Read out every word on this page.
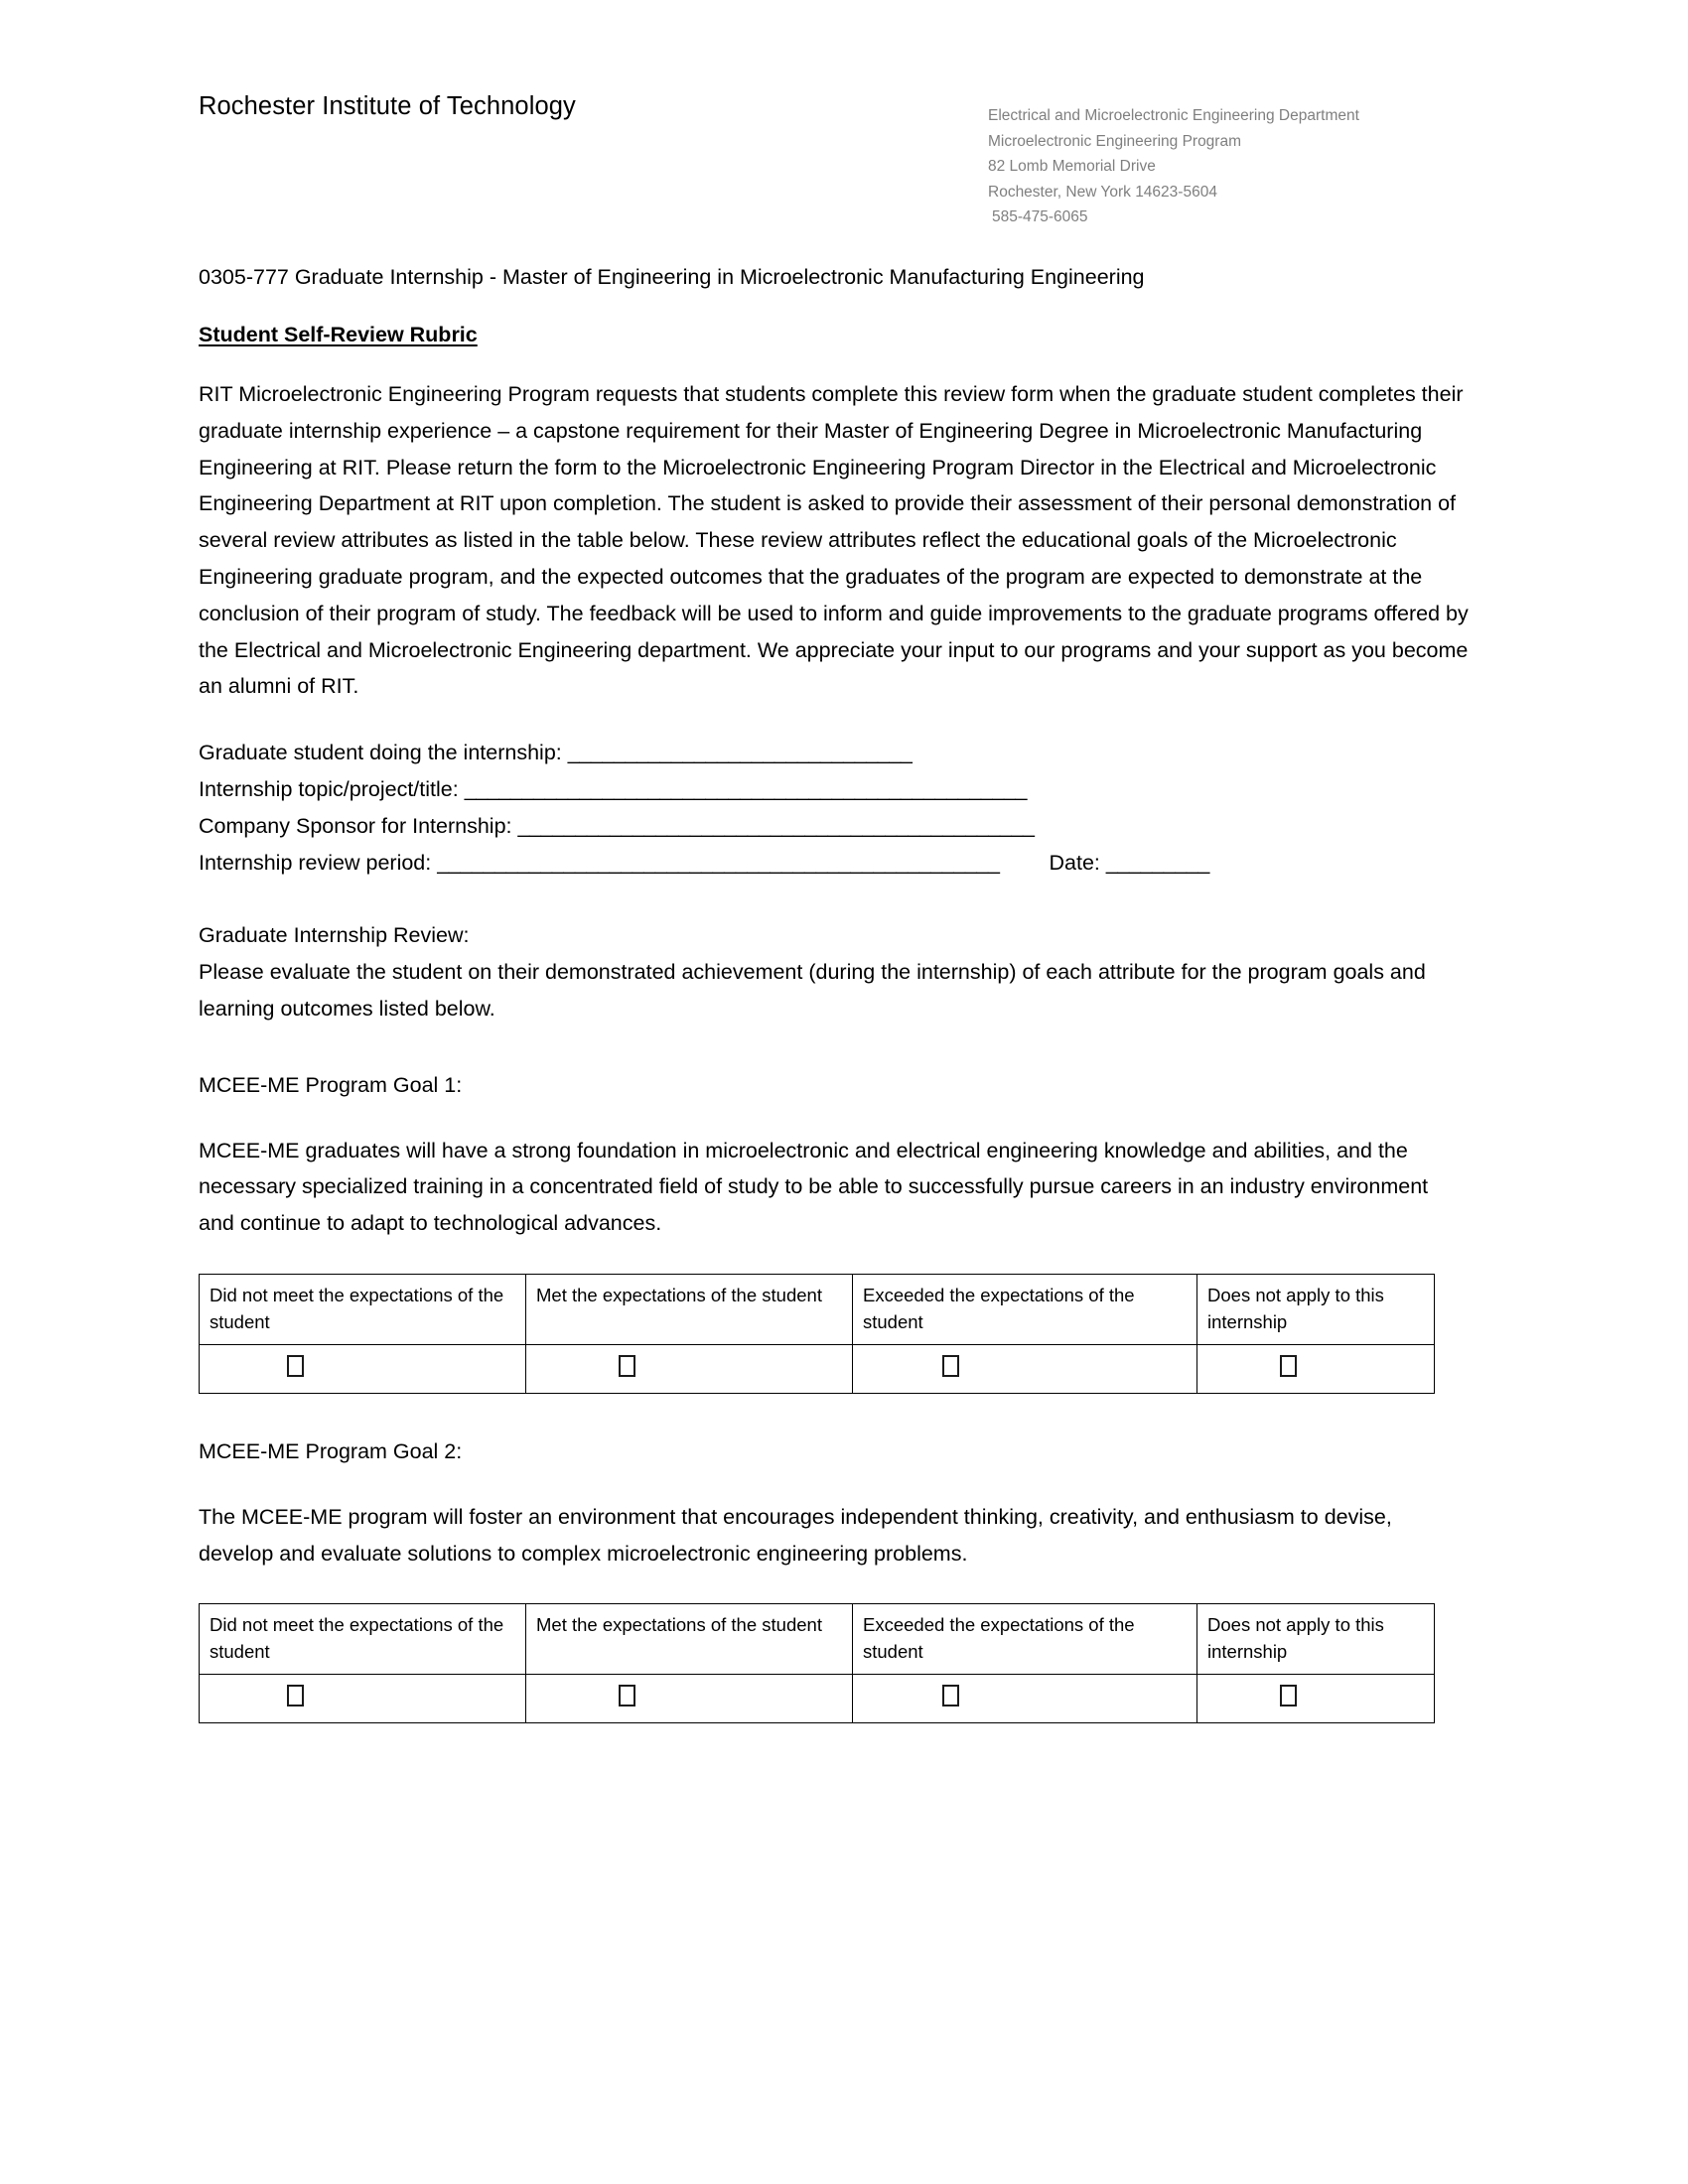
Rochester Institute of Technology	Electrical and Microelectronic Engineering Department
Microelectronic Engineering Program
82 Lomb Memorial Drive
Rochester, New York 14623-5604
585-475-6065
0305-777 Graduate Internship - Master of Engineering in Microelectronic Manufacturing Engineering
Student Self-Review Rubric
RIT Microelectronic Engineering Program requests that students complete this review form when the graduate student completes their graduate internship experience – a capstone requirement for their Master of Engineering Degree in Microelectronic Manufacturing Engineering at RIT. Please return the form to the Microelectronic Engineering Program Director in the Electrical and Microelectronic Engineering Department at RIT upon completion. The student is asked to provide their assessment of their personal demonstration of several review attributes as listed in the table below. These review attributes reflect the educational goals of the Microelectronic Engineering graduate program, and the expected outcomes that the graduates of the program are expected to demonstrate at the conclusion of their program of study. The feedback will be used to inform and guide improvements to the graduate programs offered by the Electrical and Microelectronic Engineering department. We appreciate your input to our programs and your support as you become an alumni of RIT.
Graduate student doing the internship: ______________________________
Internship topic/project/title: _________________________________________________
Company Sponsor for Internship: _____________________________________________
Internship review period: _________________________________________________ Date: _________
Graduate Internship Review:
Please evaluate the student on their demonstrated achievement (during the internship) of each attribute for the program goals and learning outcomes listed below.
MCEE-ME Program Goal 1:
MCEE-ME graduates will have a strong foundation in microelectronic and electrical engineering knowledge and abilities, and the necessary specialized training in a concentrated field of study to be able to successfully pursue careers in an industry environment and continue to adapt to technological advances.
Did not meet the expectations of the student	Met the expectations of the student	Exceeded the expectations of the student	Does not apply to this internship

MCEE-ME Program Goal 2:
The MCEE-ME program will foster an environment that encourages independent thinking, creativity, and enthusiasm to devise, develop and evaluate solutions to complex microelectronic engineering problems.
Did not meet the expectations of the student	Met the expectations of the student	Exceeded the expectations of the student	Does not apply to this internship
